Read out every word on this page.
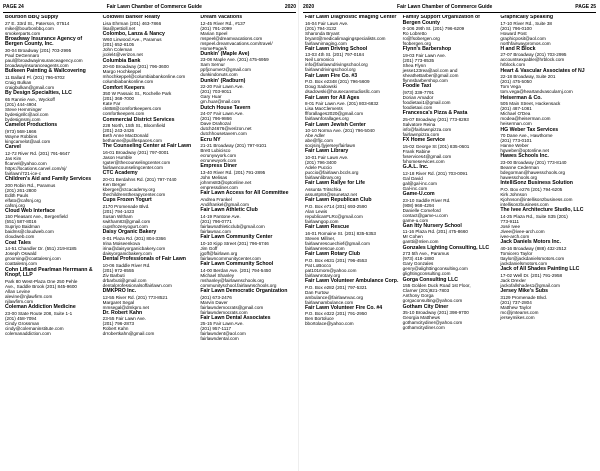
PAGE 24	Fair Lawn Chamber of Commerce Guide	2020
Bourbon BBQ Supply
27 E. 33rd St., Paterson, 07514
mike@bourbonbbq.com
smokerparts.com
Broadway Insurance Agency of Bergen County, Inc.
30-04 Broadway (201) 703-2995
Paul DeGennaro
paul@broadwayinsuranceagency.com
broadwayinsuranceagents.com
Bulkeen Painting & Wallcovering
11 Ballard Pl. (201) 796-6702
Craig Bulkan
craigbulkan@gmail.com
By Design Specialties, LLC
65 Rannie Ave., Wyckoff
(201) 444-4904
Steve Hemminger
bydesignllc@aol.com
bydesignsmj.com
Camelot Productions
(973) 568-1666
Wayne Robbins
kingcamelot@aol.com
Carvel
12-72 River Rd. (201) 791-6647
Jas Kim
flcarvel@yahoo.com
https://locations.carvel.com/nj/
fairlawn/721-ice-c
Children's Aid and Family Services
200 Robin Rd., Paramus
(201) 261-2800
Edith Pauls
elfato@cafsnj.org
cafsnj.org
Cloud Web Interface
150 Pleasant Ave., Bergenfield
(551) 587-8016
Supriyo Baidman
baidms@cloudweb.com
cloudweb.com
Coat Tales
14-51 Chandler Dr. (551) 219-8185
Joseph Oswald
grooming@coattalesnj.com
coattalesnj.com
Cohn Lifland Pearlman Herrmann & Knopf, LLP
Park 80 West-Plaza One 250 Pehle
Ave., Saddle Brook (201) 845-9600
Allan Levine
alevine@njlawfirm.com
njlawfirm.com
Coleman Addiction Medicine
23-00 State Route 208, Suite 1-1
(201) 458-7094
Cindy Grossman
cindy@colemaninstitute.com
colemanaddiction.com
Coldwell Banker Realty
Lisa Ehrman (201) 463-7866
lisa@pettioll.net
Colombo, Lanza & Nancy
W60 Linwood Ave., Paramus
(201) 652-8105
John Coleman
jcolel4@verizon.net
Columbia Bank
20-60 Broadway (201) 796-3600
Margo Hochkeppel
mhochkeppel@columbiabankonline.com
columbiabankonline.com
Comfort Keepers
350 W Passaic St., Rochelle Park
(201) 368-7000
Kate Far
ck858@comfortkeepers.com
comfortkeepers.com
Commercial District Services
228 North, 15th St., Bloomfield
(201) 243-2426
Beth Anne MacDonald
bethanne@pulifespaces.com
The Counseling Center at Fair Lawn
16-01 Broadway (201) 797-0001
Jason Humble
rguter@thecounselingcenter.com
fairlawncounselingcenter.com
CTC Academy
20-01 Berdahns Rd. (201) 797-7440
Ken Berger
kberger@ctcacademy.org
thechildrenstherapycenter.com
Cups Frozen Yogurt
2170 Promenade Blvd.
(201) 794-1423
Susan Witham
switham83@gmail.com
cupsfrozenyogurt.com
Daisy Organic Bakery
0-01 Plaza Rd. (201) 804-3366
Irina Moiseenkova
irina@daisyorganicbakery.com
daisyorganicbakery.com
Dental Professionals of Fair Lawn
10-06 Saddle River Rd.
(201) 972-8555
Ziv Barbuti
drbarbuti@gmail.com
dentalprofessionalsoffairlawn.com
DMKPRO Inc.
12-55 River Rd. (201) 773-8521
Margaret Segal
mmsegal@dmkpro.net
Dr. Robert Kahn
23-55 Fair Lawn Ave.
(201) 796-2873
Robert Kahn
drrobertkahn@gmail.com
Dream Vacations
12-45 River Rd., #137
(201) 791-2099
Marian Speel
mspeel@dreamvacations.com
mspeel.dreamvacations.com/travel/
HomePage/k
Dunkin' (Maple Ave)
23-08 Maple Ave. (201) 475-6959
Sam Sernur
ppfjcnumerz@gmail.com
dunkindonuts.com
Dunkin' (Radburn)
22-20 Fair Lawn Ave.
(201) 703-9011
Gary Huar
gm.huar@mail.com
Dutch House Tavern
24-07 Fair Lawn Ave.
(201) 796-9866
Dave Drahozal
dutch24676@verizon.net
dutchhousetavern.com
Ecru NY
21-21 Broadway (201) 797-9101
Brett Lubicisco
ecrunywyork.com
ecrunewyork.com
Empress Diner
13-40 River Rd. (201) 791-2895
John Melisas
johnms83@optonline.net
empressdiner.com
Fair Lawn Access for All Committee
Andrea Frankel
Andifrankel@gmail.com
Fair Lawn Athletic Club
14-19 Pantone Ave.
(201) 796-0771
fairlawnathleticclub@gmail.com
fairlawnac.com
Fair Lawn Community Center
10-10 Kipp Street (201) 796-6746
Jim Goff
jgoff@fairlawn.org
fairlawncommunitycenter.com
Fair Lawn Community School
14-00 Berdan Ave. (201) 794-5450
Michael Shanley
mshanley@fairlawnschools.org
communityschool.fairlawnschools.org
Fair Lawn Democratic Organization
(201) 673-2476
Marvin Daver
fairlawndemocrats@gmail.com
fairlawndemocrats.com
Fair Lawn Dental Associates
25-15 Fair Lawn Ave.
(201) 957-1117
fairlawndent@aol.com
fairlawndental.com
2020	Fair Lawn Chamber of Commerce Guide	PAGE 25
Fair Lawn Diagnostic Imaging Center
16-04 Fair Lawn Ave.
(201) 794-3132
Sharonda Bryant
bryant@medicalimagingspecialists.com
fairlawnimaging.com
Fair Lawn Driving School
13-03 4th St. (201) 797-0184
Neil Lomonico
info@fairlawndrivingschool.org
fairlawndrivingschool.org
Fair Lawn Fire Co. #3
P.O. Box e2348 (201) 796-5609
Doug Sadowski
dsadowski@housecanstudiosllc.com
Fair Lawn for All Ages
8-01 Fair Lawn Ave. (201) 803-6832
Lisa MacClements
flforallages2020@gmail.com
fairlawnforallages.org
Fair Lawn Jewish Center
10-10 Norma Ave. (201) 796-5040
Abe Adler
abe@fljc.com
socjsinj.fjyjersey/fairlawn
Fair Lawn Library
10-01 Fair Lawn Ave.
(201) 796-3400
Adele Puccio
puccio@fairlawn.bccls.org
fairlawnlibrary.org
Fair Lawn Rallye for Life
Assunta Tritschka
assuntp84@ssunetaz.net
Fair Lawn Republican Club
P.O. Box e714 (201) 693-2590
Alan Lewis
republicanFLRc@gmail.com
fairlawngop.com
Fair Lawn Rescue
16-01 Romaine St. (201) 835-5353
Steven Millner,
fairlawnrescuechief@gmail.com
fairlawnrescue.com
Fair Lawn Rotary Club
P.O. Box e631 (201) 796-4553
Pat LoBocco
pat101mom@yahoo.com
fairlawnrotary.org
Fair Lawn Volunteer Ambulance Corp.
P.O. Box e282 (201) 797-5321
Dan Furtow
ambulance@fairlawnvac.org
fairlawnambulance.com
Fair Lawn Volunteer Fire Co. #4
P.O. Box e322 (201) 791-2950
Ben Bortoluce
bbortolace@yahoo.com
Family Support Organization of Bergen County
0-106 29th St. (201) 796-6209
Ro Lobretto
ro@fsobergen.org
fsobergen.org
Flynn's Barbershop
19-03 Fair Lawn Ave.
(201) 773-8535
Shea Flynn
jesse123rea@aol.com and
sheatheBarber@gmail.com
flynnsbarbershop.com
Foodie Taxi
(973) 339-7791
Dorian Amador
foodietaxi1@gmail.com
foodietaxi.com
Francesca's Pizza & Pasta
25-07 Broadway (201) 773-8293
Salvatore Reina
info@fairlawnpizza.com
fairlawnpizza.com
FX Home Service
15-02 George St (201) 835-0601
Frank Rabine
fxservices4@gmail.com
fxhomeservices.com
G.A.L. Inc.
12-18 River Rd. (201) 703-0091
Gal David
gal@gal-inc.com
Gal-inc.com
Game-U.com
23-10 Saddle River Rd.
(908) 968-4294
Danielle Comeford
contact@game-u.com
game-u.com
Gan Itty Nursery School
11-16 Plaza Rd. (201) 475-8660
Mr Cohen
gantti@mlen.com
Gonzales Lighting Consulting, LLC
273 5th Ave., Paramus
(973) 418-1880
Gary Gonzales
genry@alighttingconsulting.com
glightingconsulting.com
Gorga Consulting LLC
155 Golden Duck Road 1st Floor,
Clarner (201)921-7803
Anthony Gorga
gorgaconsulting@yahoo.com
Gotham City Diner
35-10 Broadway (201) 398-9700
Georgia Matthews
gothamcitydiner@yahoo.com
gothamcitydiner.com
Graphically Speaking
17-10 River Rd., Suite 38
(201) 796-0100
Howard Post
graphicposit@aol.com
northfairwaypromos.com
H and R Block
27-07 Broadway (201) 703-2995
accountsexpable@hrblock.com
hrblock.com
Heart & Vascular Associates of NJ
22-18 Broadway, Suite 201
(201) 475-5050
Tom Vega
tom.vega@heartandvascularnj.com
Heiserman & Co.
505 Main Street, Hackensack
(201) 487-1081
Michael O'Dea
modea@heiserman.com
heiserman.com
HG Weber Tax Services
70 Dane Ave., Hawthorne
(201) 773-0101
Hanne Weber
hgweber@optonline.net
Hawes Schools Inc.
23-00 Broadway (201) 773-8140
Beanne Cederman
bdegorman@hawesschools.org
hawesschools.org
IntelliSonz Business Solution
P.O. Box e276 (201) 794-6205
Kirk Johnson
Kjohnson@intellisonzbusiness.com
intellisonzbusiness.com
The Ivee Architecture Studio, LLC
14-25 Plaza Rd., Suite S35 (201)
773-9111
José Ivee
Jivee@ivee-arch.com
ivee-arch.com
Jack Daniels Motors Inc.
40-16 Broadway (888) 432-2512
Tomicero Taylor
ttaylor@jackdanielsmotors.com
jackdanielsmotors.com
Jack of All Shades Painting LLC
17-02 Well Dr. (201) 791-2958
Jack Drexler
jackofallshades1@gmail.com
Jersey Mike's Subs
3129 Promenade Blvd.
(201) 737-2804
Matthew Taylor
mc@jmteams.com
jerseymikes.com
